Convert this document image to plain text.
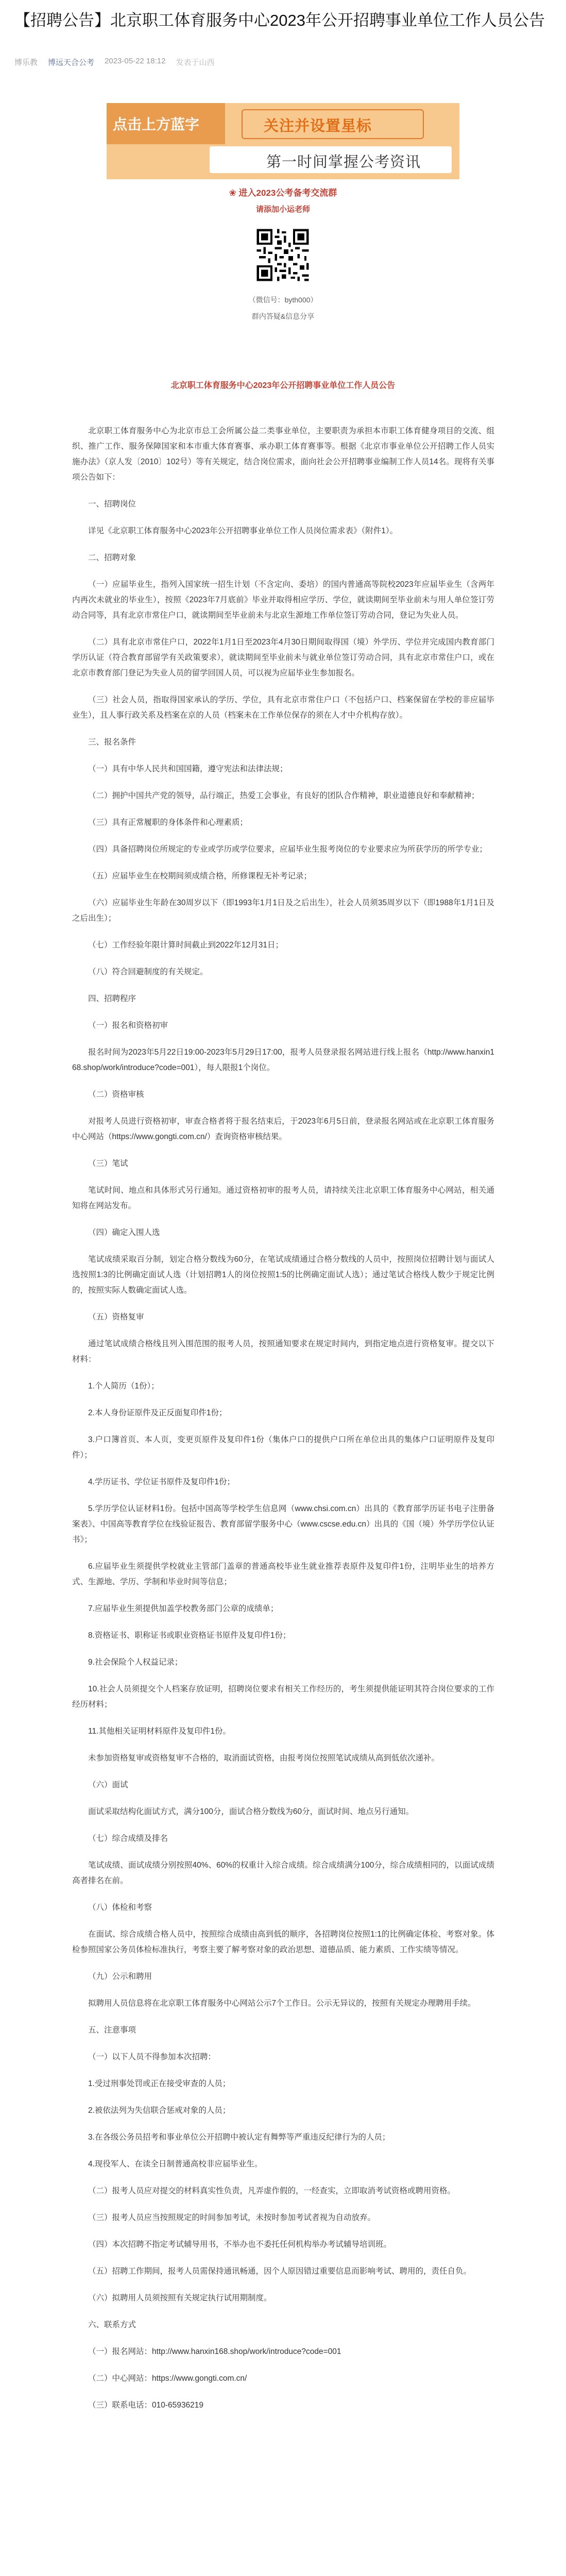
【招聘公告】北京职工体育服务中心2023年公开招聘事业单位工作人员公告
博乐教 博远天合公考 2023-05-22 18:12 发表于山西
点击上方蓝字	关注并设置星标
第一时间掌握公考资讯
❀ 进入2023公考备考交流群
请添加小运老师
（微信号：byth000）
群内答疑&信息分享
北京职工体育服务中心2023年公开招聘事业单位工作人员公告

北京职工体育服务中心为北京市总工会所属公益二类事业单位，主要职责为承担本市职工体育健身项目的交流、组织、推广工作、服务保障国家和本市重大体育赛事、承办职工体育赛事等。根据《北京市事业单位公开招聘工作人员实施办法》（京人发〔2010〕102号）等有关规定，结合岗位需求，面向社会公开招聘事业编制工作人员14名。现将有关事项公告如下：

一、招聘岗位

详见《北京职工体育服务中心2023年公开招聘事业单位工作人员岗位需求表》（附件1）。

二、招聘对象

（一）应届毕业生，指列入国家统一招生计划（不含定向、委培）的国内普通高等院校2023年应届毕业生（含两年内再次未就业的毕业生），按照《2023年7月底前》毕业并取得相应学历、学位，就读期间至毕业前未与用人单位签订劳动合同等，具有北京市常住户口，就读期间至毕业前未与北京生源地工作单位签订劳动合同，登记为失业人员。

（二）具有北京市常住户口，2022年1月1日至2023年4月30日期间取得国（境）外学历、学位并完成国内教育部门学历认证（符合教育部留学有关政策要求），就读期间至毕业前未与就业单位签订劳动合同，具有北京市常住户口，或在北京市教育部门登记为失业人员的留学回国人员，可以视为应届毕业生参加报名。

（三）社会人员，指取得国家承认的学历、学位，具有北京市常住户口（不包括户口、档案保留在学校的非应届毕业生），且人事行政关系及档案在京的人员（档案未在工作单位保存的须在人才中介机构存放）。

三、报名条件

（一）具有中华人民共和国国籍，遵守宪法和法律法规；

（二）拥护中国共产党的领导，品行端正，热爱工会事业，有良好的团队合作精神，职业道德良好和奉献精神；

（三）具有正常履职的身体条件和心理素质；

（四）具备招聘岗位所规定的专业或学历或学位要求，应届毕业生报考岗位的专业要求应为所获学历的所学专业；

（五）应届毕业生在校期间须成绩合格，所修课程无补考记录；

（六）应届毕业生年龄在30周岁以下（即1993年1月1日及之后出生），社会人员须35周岁以下（即1988年1月1日及之后出生）；

（七）工作经验年限计算时间截止到2022年12月31日；

（八）符合回避制度的有关规定。

四、招聘程序

（一）报名和资格初审

报名时间为2023年5月22日19:00-2023年5月29日17:00，报考人员登录报名网站进行线上报名（http://www.hanxin168.shop/work/introduce?code=001），每人限报1个岗位。

（二）资格审核

对报考人员进行资格初审，审查合格者将于报名结束后，于2023年6月5日前，登录报名网站或在北京职工体育服务中心网站（https://www.gongti.com.cn/）查询资格审核结果。

（三）笔试

笔试时间、地点和具体形式另行通知。通过资格初审的报考人员，请持续关注北京职工体育服务中心网站，相关通知将在网站发布。

（四）确定入围人选

笔试成绩采取百分制，划定合格分数线为60分，在笔试成绩通过合格分数线的人员中，按照岗位招聘计划与面试人选按照1:3的比例确定面试人选（计划招聘1人的岗位按照1:5的比例确定面试人选）；通过笔试合格线人数少于规定比例的，按照实际人数确定面试人选。

（五）资格复审

通过笔试成绩合格线且列入围范围的报考人员，按照通知要求在规定时间内，到指定地点进行资格复审。提交以下材料：

1.个人简历（1份）；

2.本人身份证原件及正反面复印件1份；

3.户口簿首页、本人页，变更页原件及复印件1份（集体户口的提供户口所在单位出具的集体户口证明原件及复印件）；

4.学历证书、学位证书原件及复印件1份；

5.学历学位认证材料1份。包括中国高等学校学生信息网（www.chsi.com.cn）出具的《教育部学历证书电子注册备案表》、中国高等教育学位在线验证报告、教育部留学服务中心（www.cscse.edu.cn）出具的《国（境）外学历学位认证书》；

6.应届毕业生须提供学校就业主管部门盖章的普通高校毕业生就业推荐表原件及复印件1份，注明毕业生的培养方式、生源地、学历、学制和毕业时间等信息；

7.应届毕业生须提供加盖学校教务部门公章的成绩单；

8.资格证书、职称证书或职业资格证书原件及复印件1份；

9.社会保险个人权益记录；

10.社会人员须提交个人档案存放证明，招聘岗位要求有相关工作经历的，考生须提供能证明其符合岗位要求的工作经历材料；

11.其他相关证明材料原件及复印件1份。

未参加资格复审或资格复审不合格的，取消面试资格，由报考岗位按照笔试成绩从高到低依次递补。

（六）面试

面试采取结构化面试方式，满分100分，面试合格分数线为60分，面试时间、地点另行通知。

（七）综合成绩及排名

笔试成绩、面试成绩分别按照40%、60%的权重计入综合成绩。综合成绩满分100分，综合成绩相同的，以面试成绩高者排名在前。

（八）体检和考察

在面试、综合成绩合格人员中，按照综合成绩由高到低的顺序，各招聘岗位按照1:1的比例确定体检、考察对象。体检参照国家公务员体检标准执行，考察主要了解考察对象的政治思想、道德品质、能力素质、工作实绩等情况。

（九）公示和聘用

拟聘用人员信息将在北京职工体育服务中心网站公示7个工作日。公示无异议的，按照有关规定办理聘用手续。

五、注意事项

（一）以下人员不得参加本次招聘：

1.受过刑事处罚或正在接受审查的人员；

2.被依法列为失信联合惩戒对象的人员；

3.在各级公务员招考和事业单位公开招聘中被认定有舞弊等严重违反纪律行为的人员；

4.现役军人、在读全日制普通高校非应届毕业生。

（二）报考人员应对提交的材料真实性负责，凡弄虚作假的，一经查实，立即取消考试资格或聘用资格。

（三）报考人员应当按照规定的时间参加考试，未按时参加考试者视为自动放弃。

（四）本次招聘不指定考试辅导用书，不举办也不委托任何机构举办考试辅导培训班。

（五）招聘工作期间，报考人员需保持通讯畅通，因个人原因错过重要信息而影响考试、聘用的，责任自负。

（六）拟聘用人员须按照有关规定执行试用期制度。

六、联系方式

（一）报名网站：http://www.hanxin168.shop/work/introduce?code=001

（二）中心网站：https://www.gongti.com.cn/

（三）联系电话：010-65936219
